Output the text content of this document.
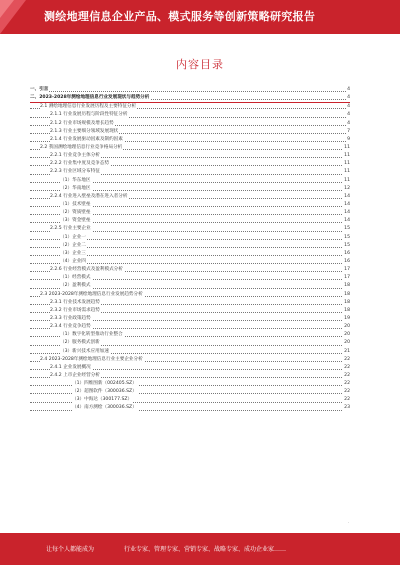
测绘地理信息企业产品、模式服务等创新策略研究报告
内容目录
一、引言	4
二、2023-2028年测绘地理信息行业发展现状与趋势分析	4
2.1 测绘地理信息行业发展历程及主要特征分析	4
2.1.1 行业发展历程与阶段性特征分析	4
2.1.2 行业市场规模及增长趋势	4
2.1.3 行业主要细分领域发展现状	7
2.1.4 行业发展驱动因素及制约因素	9
2.2 我国测绘地理信息行业竞争格局分析	11
2.2.1 行业竞争主体分析	11
2.2.2 行业集中度及竞争态势	11
2.2.3 行业区域分布特征	11
（1）华东地区	11
（2）华南地区	12
2.2.4 行业进入壁垒及潜在进入者分析	14
（1）技术壁垒	14
（2）资质壁垒	14
（3）资金壁垒	14
2.2.5 行业主要企业	15
（1）企业一	15
（2）企业二	15
（3）企业三	16
（4）企业四	16
2.2.6 行业经营模式及盈利模式分析	17
（1）经营模式	17
（2）盈利模式	18
2.3 2023-2028年测绘地理信息行业发展趋势分析	18
2.3.1 行业技术发展趋势	18
2.3.2 行业市场需求趋势	18
2.3.3 行业政策趋势	19
2.3.4 行业竞争趋势	20
（1）数字化转型推动行业整合	20
（2）服务模式创新	20
（3）新兴技术应用加速	21
2.4 2023-2028年测绘地理信息行业主要企业分析	22
2.4.1 企业发展概况	22
2.4.2 上市企业经营分析	22
（1）四维图新（002405.SZ）	22
（2）超图软件（300036.SZ）	22
（3）中海达（300177.SZ）	22
（4）南方测绘（300036.SZ）	23
·
让每个人都能成为	行业专家、管理专家、营销专家、战略专家、成功企业家……
